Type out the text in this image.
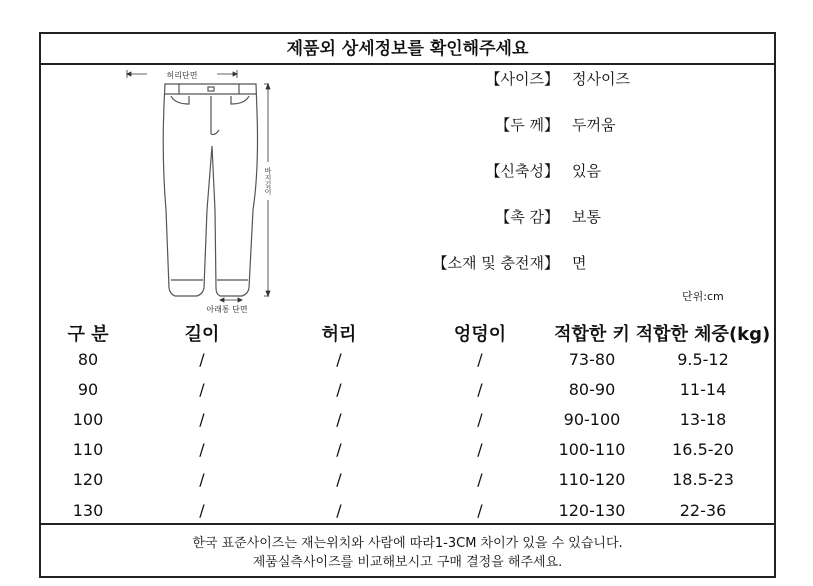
제품외 상세정보를 확인해주세요
허리단면
바지길이
아래통 단면
【사이즈】 정사이즈
【두 께】 두꺼움
【신축성】 있음
【촉 감】 보통
【소재 및 충전재】 면
단위:cm
구 분	길이	허리	엉덩이	적합한 키 적합한 체중(kg)
80	/	/	/	73-80	9.5-12
90	/	/	/	80-90	11-14
100	/	/	/	90-100	13-18
110	/	/	/	100-110	16.5-20
120	/	/	/	110-120	18.5-23
130	/	/	/	120-130	22-36
한국 표준사이즈는 재는위치와 사람에 따라1-3CM 차이가 있을 수 있습니다.
제품실측사이즈를 비교해보시고 구매 결정을 해주세요.
